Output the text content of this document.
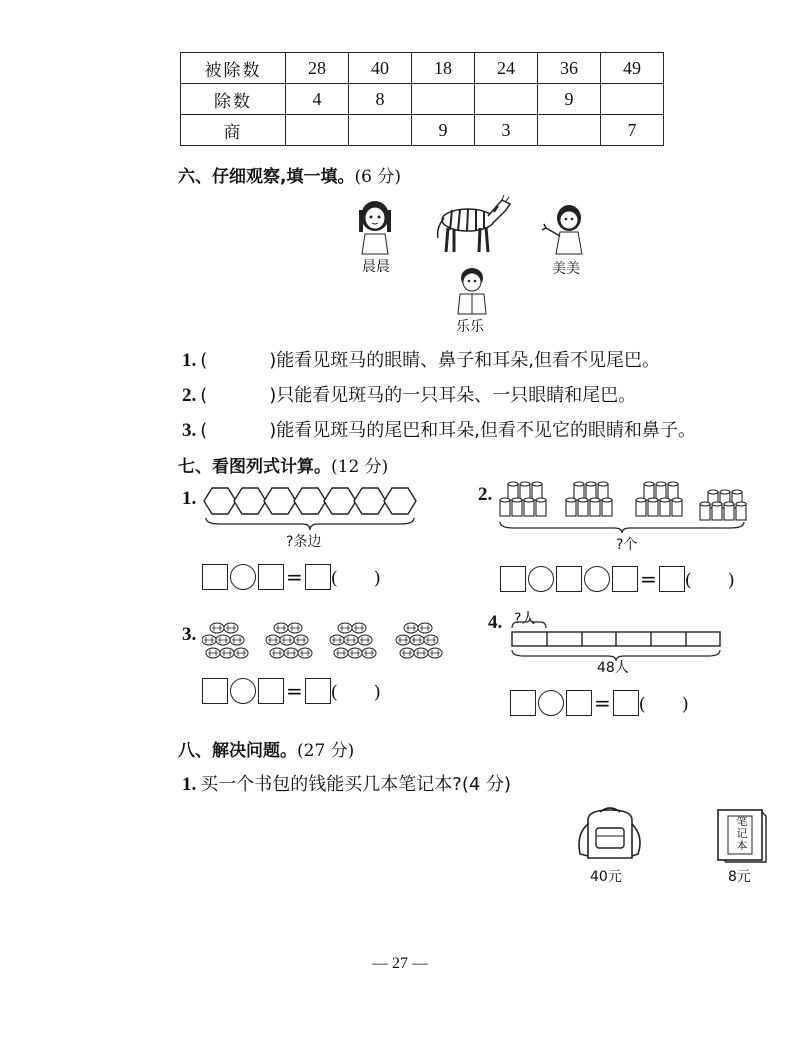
被除数	28	40	18	24	36	49
除数	4	8			9	
商			9	3		7
六、仔细观察,填一填。(6 分)
晨晨	美美
乐乐
1. (	)能看见斑马的眼睛、鼻子和耳朵,但看不见尾巴。
2. (	)只能看见斑马的一只耳朵、一只眼睛和尾巴。
3. (	)能看见斑马的尾巴和耳朵,但看不见它的眼睛和鼻子。
七、看图列式计算。(12 分)
1.
?条边
= (　　)
2.
?个
= (　　)
3.
= (　　)
4. ?人
48人
= (　　)
八、解决问题。(27 分)
1. 买一个书包的钱能买几本笔记本?(4 分)
40元
笔
记
本
8元
— 27 —
